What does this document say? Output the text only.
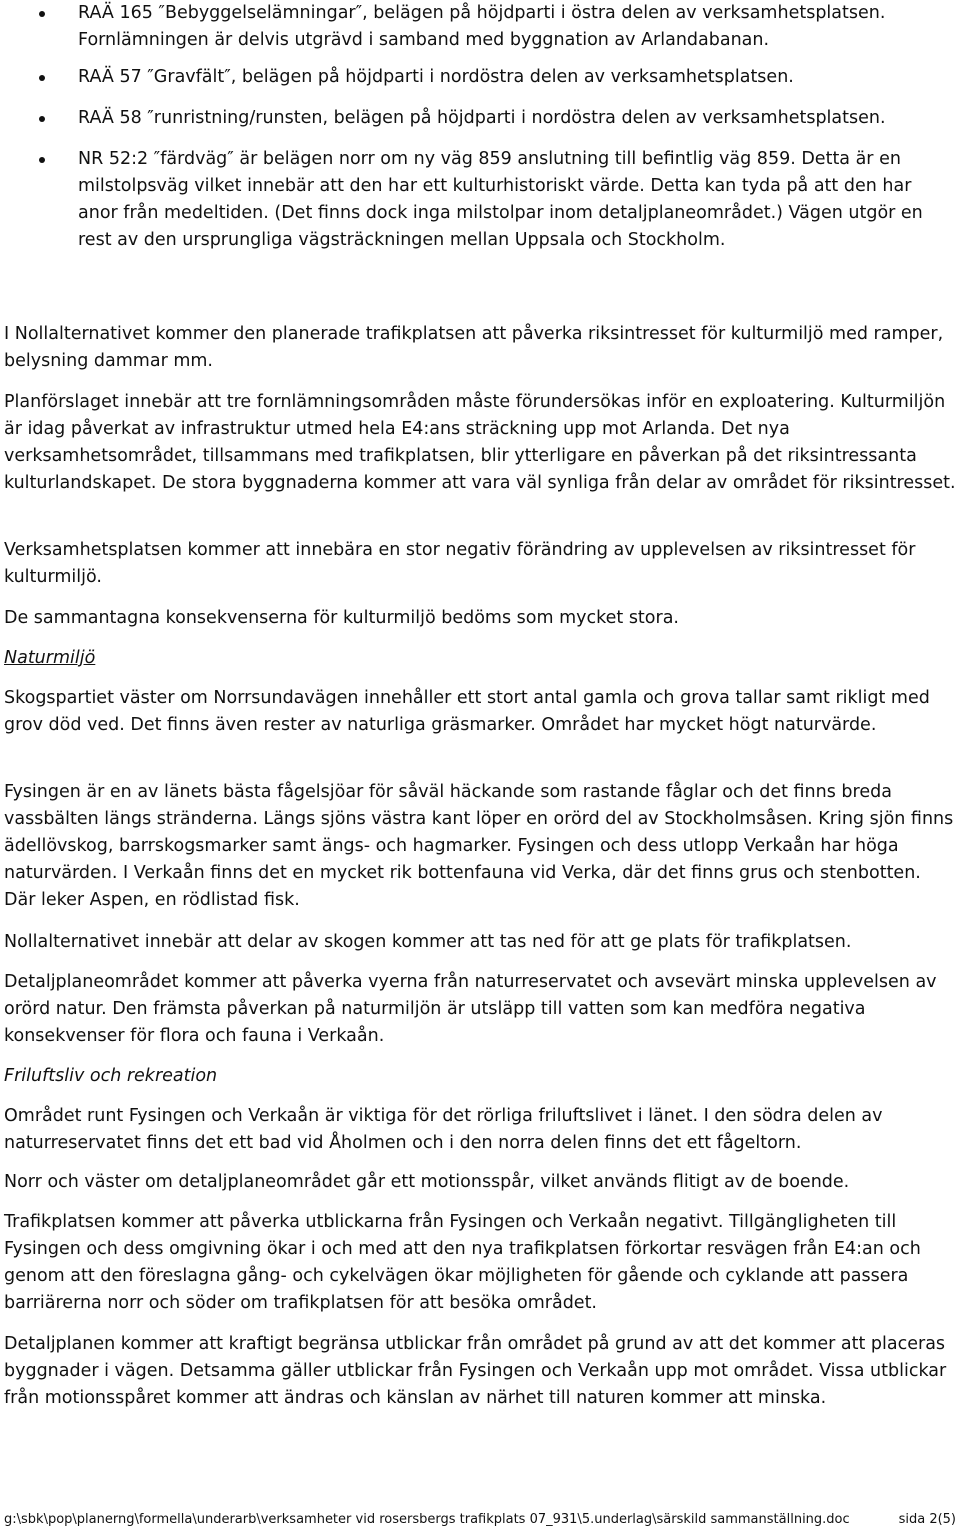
RAÄ 165 ″Bebyggelselämningar″, belägen på höjdparti i östra delen av verksamhetsplatsen. Fornlämningen är delvis utgrävd i samband med byggnation av Arlandabanan.
RAÄ 57 ″Gravfält″, belägen på höjdparti i nordöstra delen av verksamhetsplatsen.
RAÄ 58 ″runristning/runsten, belägen på höjdparti i nordöstra delen av verksamhetsplatsen.
NR 52:2 ″färdväg″ är belägen norr om ny väg 859 anslutning till befintlig väg 859. Detta är en milstolpsväg vilket innebär att den har ett kulturhistoriskt värde. Detta kan tyda på att den har anor från medeltiden. (Det finns dock inga milstolpar inom detaljplaneområdet.) Vägen utgör en rest av den ursprungliga vägsträckningen mellan Uppsala och Stockholm.

I Nollalternativet kommer den planerade trafikplatsen att påverka riksintresset för kulturmiljö med ramper, belysning dammar mm.

Planförslaget innebär att tre fornlämningsområden måste förundersökas inför en exploatering. Kulturmiljön är idag påverkat av infrastruktur utmed hela E4:ans sträckning upp mot Arlanda. Det nya verksamhetsområdet, tillsammans med trafikplatsen, blir ytterligare en påverkan på det riksintressanta kulturlandskapet. De stora byggnaderna kommer att vara väl synliga från delar av området för riksintresset.

Verksamhetsplatsen kommer att innebära en stor negativ förändring av upplevelsen av riksintresset för kulturmiljö.

De sammantagna konsekvenserna för kulturmiljö bedöms som mycket stora.

Naturmiljö

Skogspartiet väster om Norrsundavägen innehåller ett stort antal gamla och grova tallar samt rikligt med grov död ved. Det finns även rester av naturliga gräsmarker. Området har mycket högt naturvärde.

Fysingen är en av länets bästa fågelsjöar för såväl häckande som rastande fåglar och det finns breda vassbälten längs stränderna. Längs sjöns västra kant löper en orörd del av Stockholmsåsen. Kring sjön finns ädellövskog, barrskogsmarker samt ängs- och hagmarker. Fysingen och dess utlopp Verkaån har höga naturvärden. I Verkaån finns det en mycket rik bottenfauna vid Verka, där det finns grus och stenbotten. Där leker Aspen, en rödlistad fisk.

Nollalternativet innebär att delar av skogen kommer att tas ned för att ge plats för trafikplatsen.

Detaljplaneområdet kommer att påverka vyerna från naturreservatet och avsevärt minska upplevelsen av orörd natur. Den främsta påverkan på naturmiljön är utsläpp till vatten som kan medföra negativa konsekvenser för flora och fauna i Verkaån.

Friluftsliv och rekreation

Området runt Fysingen och Verkaån är viktiga för det rörliga friluftslivet i länet. I den södra delen av naturreservatet finns det ett bad vid Åholmen och i den norra delen finns det ett fågeltorn.

Norr och väster om detaljplaneområdet går ett motionsspår, vilket används flitigt av de boende.

Trafikplatsen kommer att påverka utblickarna från Fysingen och Verkaån negativt. Tillgängligheten till Fysingen och dess omgivning ökar i och med att den nya trafikplatsen förkortar resvägen från E4:an och genom att den föreslagna gång- och cykelvägen ökar möjligheten för gående och cyklande att passera barriärerna norr och söder om trafikplatsen för att besöka området.

Detaljplanen kommer att kraftigt begränsa utblickar från området på grund av att det kommer att placeras byggnader i vägen. Detsamma gäller utblickar från Fysingen och Verkaån upp mot området. Vissa utblickar från motionsspåret kommer att ändras och känslan av närhet till naturen kommer att minska.

g:\sbk\pop\planerng\formella\underarb\verksamheter vid rosersbergs trafikplats 07_931\5.underlag\särskild sammanställning.doc	sida 2(5)
